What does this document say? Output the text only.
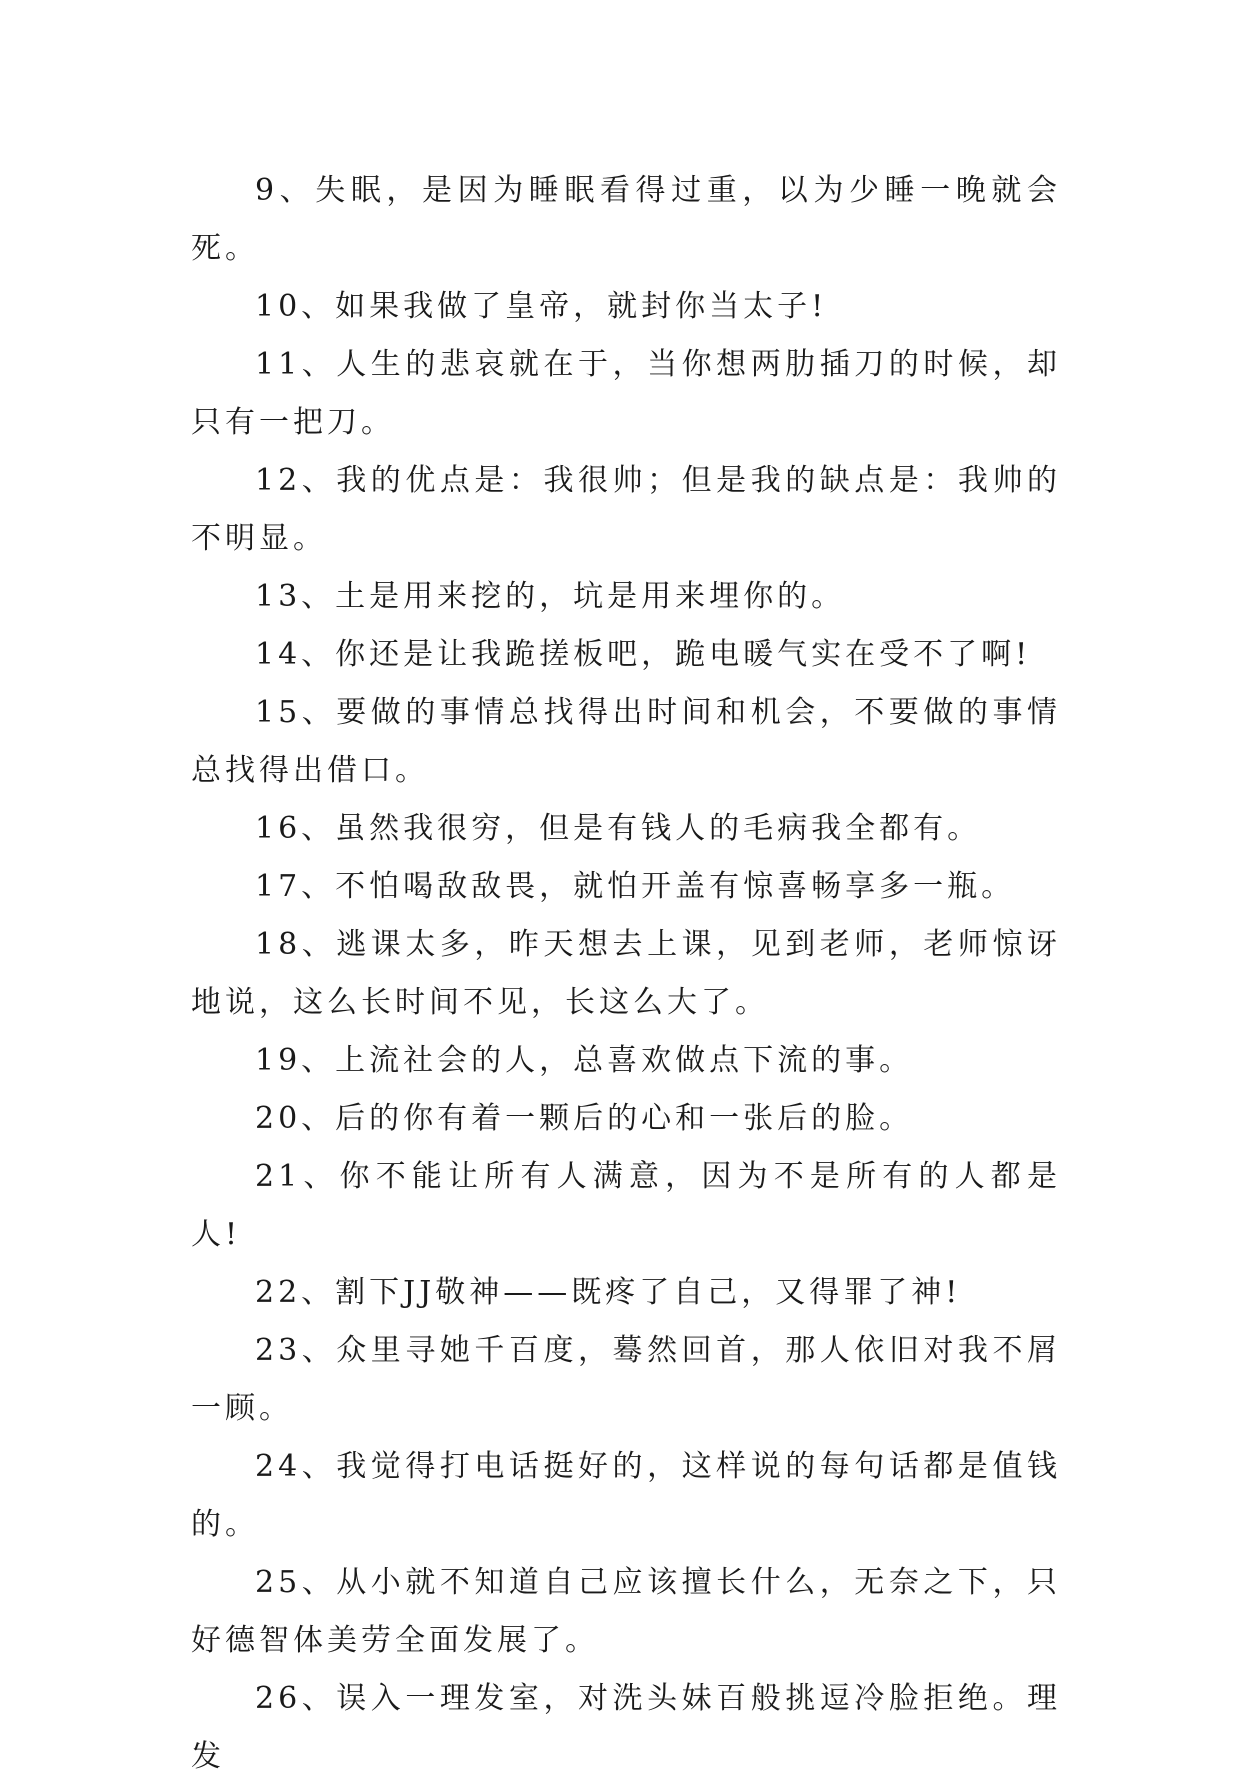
9、失眠，是因为睡眠看得过重，以为少睡一晚就会死。

10、如果我做了皇帝，就封你当太子!

11、人生的悲哀就在于，当你想两肋插刀的时候，却只有一把刀。

12、我的优点是：我很帅；但是我的缺点是：我帅的不明显。

13、土是用来挖的，坑是用来埋你的。

14、你还是让我跪搓板吧，跪电暖气实在受不了啊!

15、要做的事情总找得出时间和机会，不要做的事情总找得出借口。

16、虽然我很穷，但是有钱人的毛病我全都有。

17、不怕喝敌敌畏，就怕开盖有惊喜畅享多一瓶。

18、逃课太多，昨天想去上课，见到老师，老师惊讶地说，这么长时间不见，长这么大了。

19、上流社会的人，总喜欢做点下流的事。

20、后的你有着一颗后的心和一张后的脸。

21、你不能让所有人满意，因为不是所有的人都是人!

22、割下JJ敬神——既疼了自己，又得罪了神!

23、众里寻她千百度，蓦然回首，那人依旧对我不屑一顾。

24、我觉得打电话挺好的，这样说的每句话都是值钱的。

25、从小就不知道自己应该擅长什么，无奈之下，只好德智体美劳全面发展了。

26、误入一理发室，对洗头妹百般挑逗冷脸拒绝。理发
